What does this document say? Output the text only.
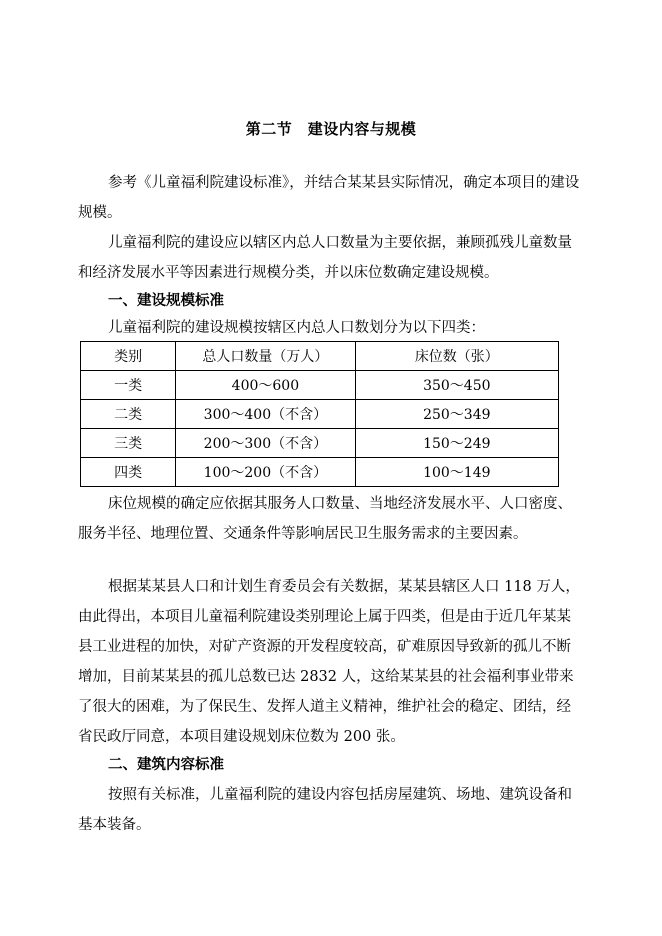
第二节　建设内容与规模

参考《儿童福利院建设标准》，并结合某某县实际情况，确定本项目的建设规模。

儿童福利院的建设应以辖区内总人口数量为主要依据，兼顾孤残儿童数量和经济发展水平等因素进行规模分类，并以床位数确定建设规模。

一、建设规模标准

儿童福利院的建设规模按辖区内总人口数划分为以下四类：

类别	总人口数量（万人）	床位数（张）
一类	400～600	350～450
二类	300～400（不含）	250～349
三类	200～300（不含）	150～249
四类	100～200（不含）	100～149

床位规模的确定应依据其服务人口数量、当地经济发展水平、人口密度、服务半径、地理位置、交通条件等影响居民卫生服务需求的主要因素。

根据某某县人口和计划生育委员会有关数据，某某县辖区人口 118 万人，由此得出，本项目儿童福利院建设类别理论上属于四类，但是由于近几年某某县工业进程的加快，对矿产资源的开发程度较高，矿难原因导致新的孤儿不断增加，目前某某县的孤儿总数已达 2832 人，这给某某县的社会福利事业带来了很大的困难，为了保民生、发挥人道主义精神，维护社会的稳定、团结，经省民政厅同意，本项目建设规划床位数为 200 张。

二、建筑内容标准

按照有关标准，儿童福利院的建设内容包括房屋建筑、场地、建筑设备和基本装备。
